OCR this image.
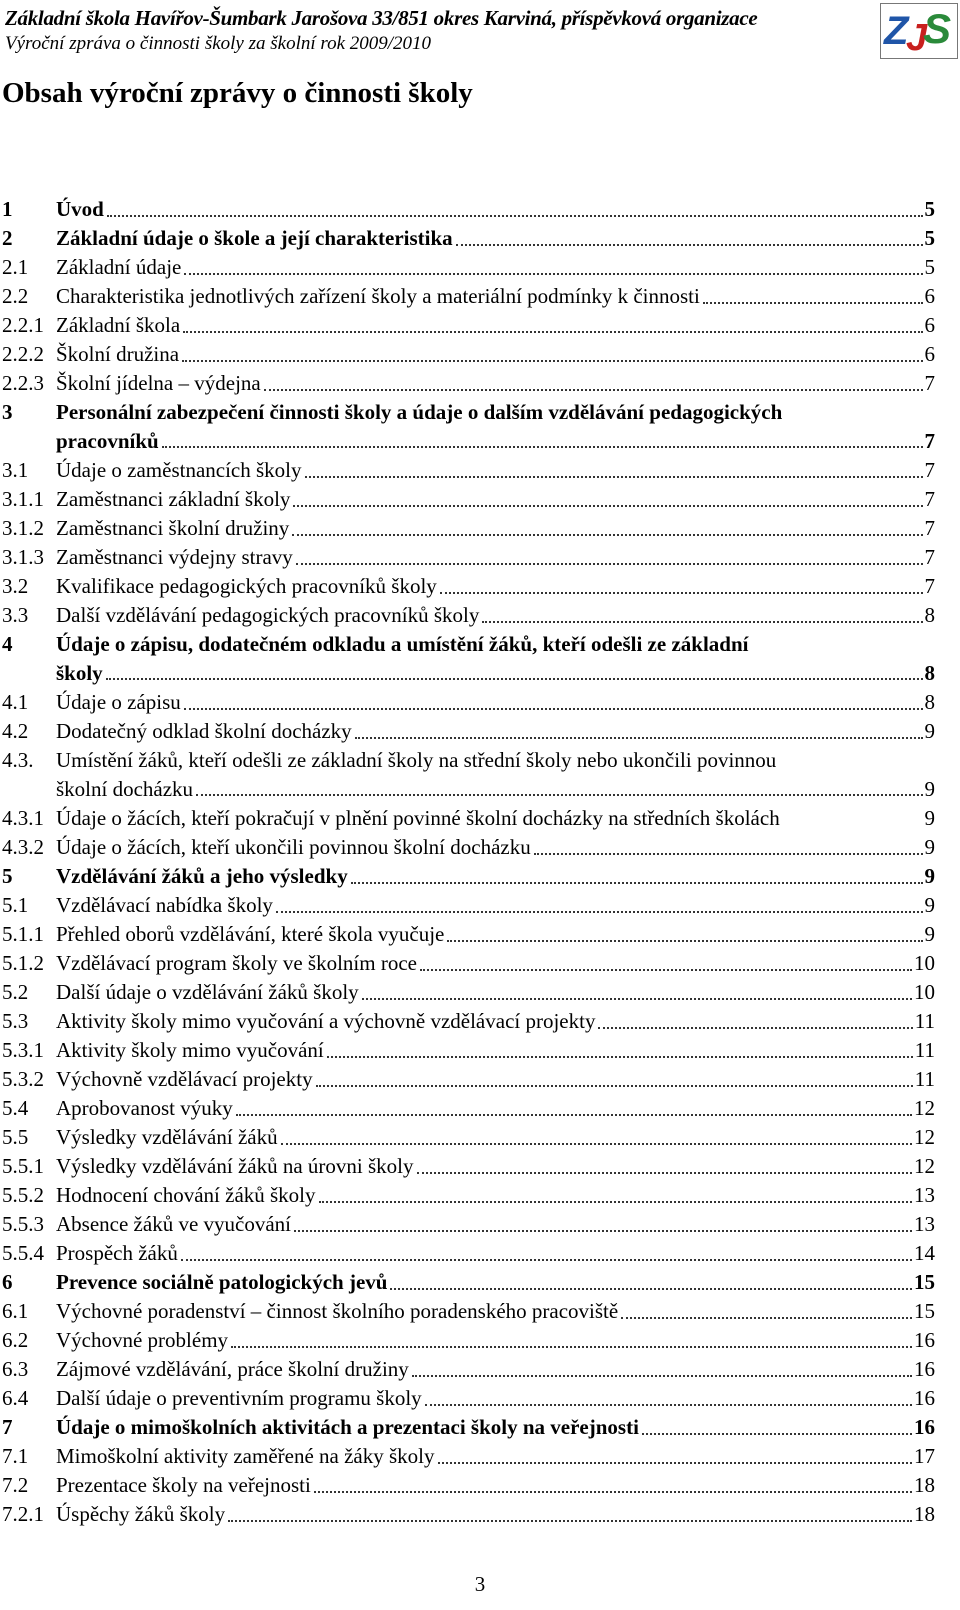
Základní škola Havířov-Šumbark Jarošova 33/851 okres Karviná, příspěvková organizace
Výroční zpráva o činnosti školy za školní rok 2009/2010	Z
J
S
Obsah výroční zprávy o činnosti školy
1 Úvod	5
2 Základní údaje o škole a její charakteristika	5
2.1 Základní údaje	5
2.2 Charakteristika jednotlivých zařízení školy a materiální podmínky k činnosti	6
2.2.1 Základní škola	6
2.2.2 Školní družina	6
2.2.3 Školní jídelna – výdejna	7
3 Personální zabezpečení činnosti školy a údaje o dalším vzdělávání pedagogických
pracovníků	7
3.1 Údaje o zaměstnancích školy	7
3.1.1 Zaměstnanci základní školy	7
3.1.2 Zaměstnanci školní družiny	7
3.1.3 Zaměstnanci výdejny stravy	7
3.2 Kvalifikace pedagogických pracovníků školy	7
3.3 Další vzdělávání pedagogických pracovníků školy	8
4 Údaje o zápisu, dodatečném odkladu a umístění žáků, kteří odešli ze základní
školy	8
4.1 Údaje o zápisu	8
4.2 Dodatečný odklad školní docházky	9
4.3. Umístění žáků, kteří odešli ze základní školy na střední školy nebo ukončili povinnou
školní docházku	9
4.3.1 Údaje o žácích, kteří pokračují v plnění povinné školní docházky na středních školách	9
4.3.2 Údaje o žácích, kteří ukončili povinnou školní docházku	9
5 Vzdělávání žáků a jeho výsledky	9
5.1 Vzdělávací nabídka školy	9
5.1.1 Přehled oborů vzdělávání, které škola vyučuje	9
5.1.2 Vzdělávací program školy ve školním roce	10
5.2 Další údaje o vzdělávání žáků školy	10
5.3 Aktivity školy mimo vyučování a výchovně vzdělávací projekty	11
5.3.1 Aktivity školy mimo vyučování	11
5.3.2 Výchovně vzdělávací projekty	11
5.4 Aprobovanost výuky	12
5.5 Výsledky vzdělávání žáků	12
5.5.1 Výsledky vzdělávání žáků na úrovni školy	12
5.5.2 Hodnocení chování žáků školy	13
5.5.3 Absence žáků ve vyučování	13
5.5.4 Prospěch žáků	14
6 Prevence sociálně patologických jevů	15
6.1 Výchovné poradenství – činnost školního poradenského pracoviště	15
6.2 Výchovné problémy	16
6.3 Zájmové vzdělávání, práce školní družiny	16
6.4 Další údaje o preventivním programu školy	16
7 Údaje o mimoškolních aktivitách a prezentaci školy na veřejnosti	16
7.1 Mimoškolní aktivity zaměřené na žáky školy	17
7.2 Prezentace školy na veřejnosti	18
7.2.1 Úspěchy žáků školy	18
3
